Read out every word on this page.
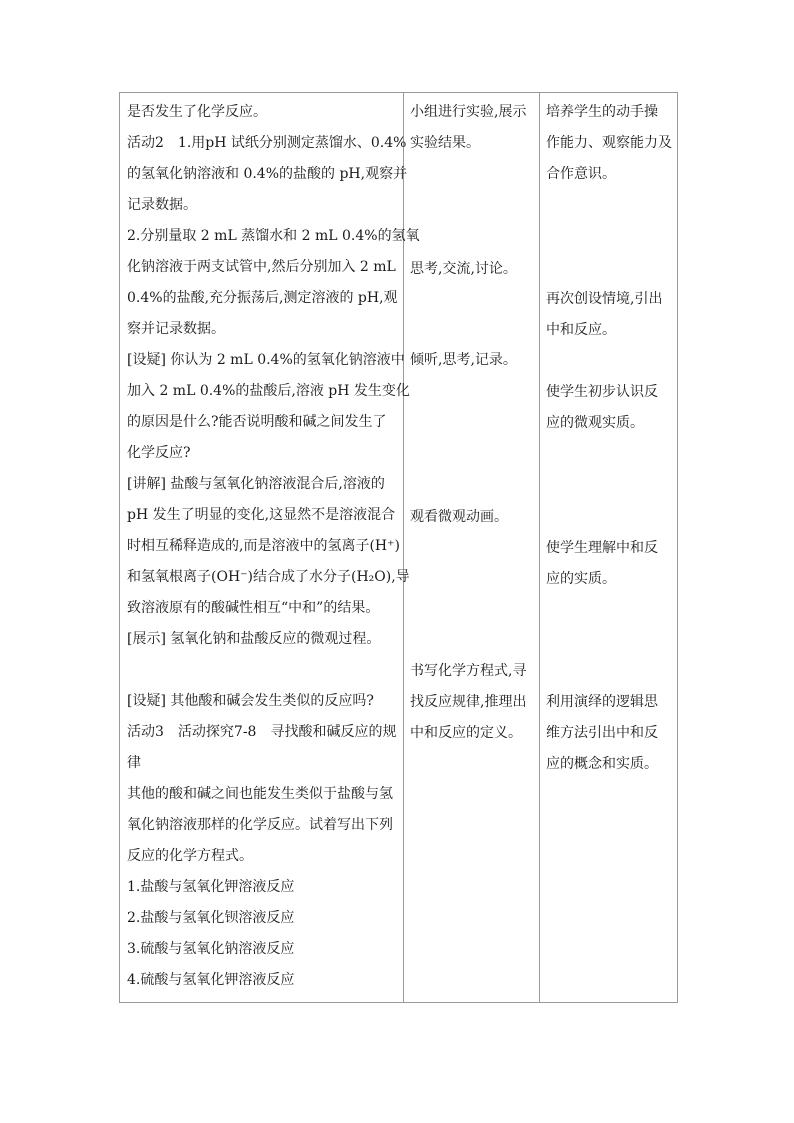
是否发生了化学反应。
活动2　1.用pH 试纸分别测定蒸馏水、0.4%
的氢氧化钠溶液和 0.4%的盐酸的 pH,观察并
记录数据。
2.分别量取 2 mL 蒸馏水和 2 mL 0.4%的氢氧
化钠溶液于两支试管中,然后分别加入 2 mL
0.4%的盐酸,充分振荡后,测定溶液的 pH,观
察并记录数据。
[设疑] 你认为 2 mL 0.4%的氢氧化钠溶液中
加入 2 mL 0.4%的盐酸后,溶液 pH 发生变化
的原因是什么?能否说明酸和碱之间发生了
化学反应?
[讲解] 盐酸与氢氧化钠溶液混合后,溶液的
pH 发生了明显的变化,这显然不是溶液混合
时相互稀释造成的,而是溶液中的氢离子(H⁺)
和氢氧根离子(OH⁻)结合成了水分子(H₂O),导
致溶液原有的酸碱性相互“中和”的结果。
[展示] 氢氧化钠和盐酸反应的微观过程。
[设疑] 其他酸和碱会发生类似的反应吗?
活动3　活动探究7-8　寻找酸和碱反应的规
律
其他的酸和碱之间也能发生类似于盐酸与氢
氧化钠溶液那样的化学反应。试着写出下列
反应的化学方程式。
1.盐酸与氢氧化钾溶液反应
2.盐酸与氢氧化钡溶液反应
3.硫酸与氢氧化钠溶液反应
4.硫酸与氢氧化钾溶液反应

小组进行实验,展示
实验结果。
思考,交流,讨论。
倾听,思考,记录。
观看微观动画。
书写化学方程式,寻
找反应规律,推理出
中和反应的定义。

培养学生的动手操
作能力、观察能力及
合作意识。
再次创设情境,引出
中和反应。
使学生初步认识反
应的微观实质。
使学生理解中和反
应的实质。
利用演绎的逻辑思
维方法引出中和反
应的概念和实质。
